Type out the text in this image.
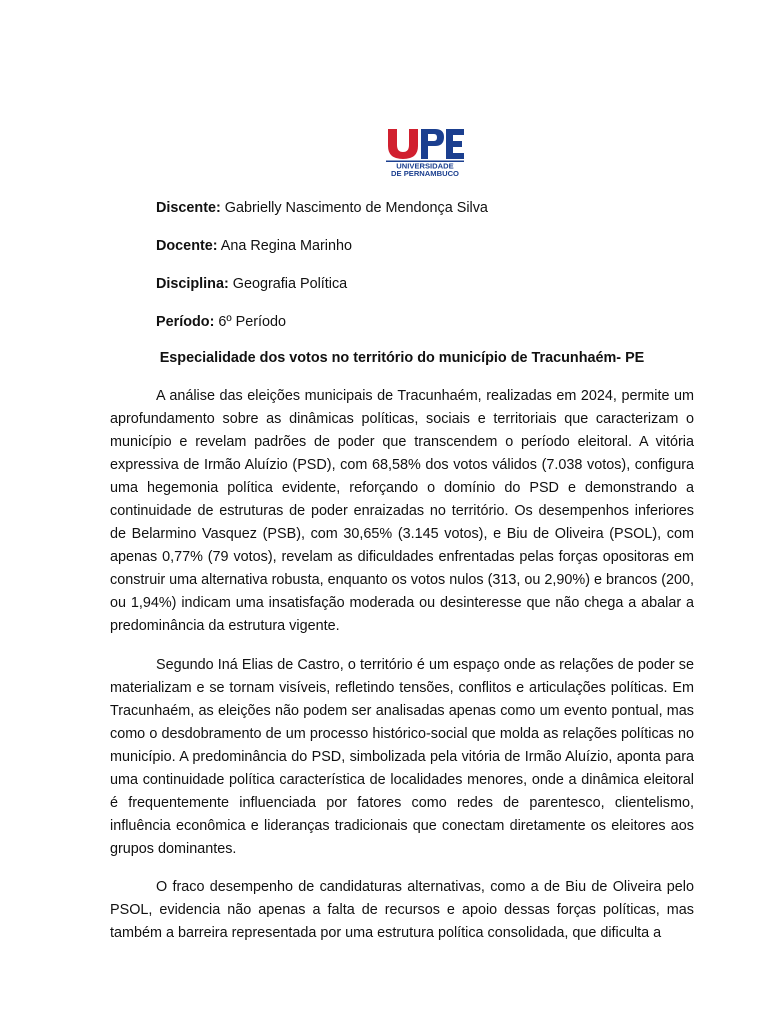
UNIVERSIDADE
DE PERNAMBUCO
Discente: Gabrielly Nascimento de Mendonça Silva
Docente: Ana Regina Marinho
Disciplina: Geografia Política
Período: 6º Período
Especialidade dos votos no território do município de Tracunhaém- PE

A análise das eleições municipais de Tracunhaém, realizadas em 2024, permite um aprofundamento sobre as dinâmicas políticas, sociais e territoriais que caracterizam o município e revelam padrões de poder que transcendem o período eleitoral. A vitória expressiva de Irmão Aluízio (PSD), com 68,58% dos votos válidos (7.038 votos), configura uma hegemonia política evidente, reforçando o domínio do PSD e demonstrando a continuidade de estruturas de poder enraizadas no território. Os desempenhos inferiores de Belarmino Vasquez (PSB), com 30,65% (3.145 votos), e Biu de Oliveira (PSOL), com apenas 0,77% (79 votos), revelam as dificuldades enfrentadas pelas forças opositoras em construir uma alternativa robusta, enquanto os votos nulos (313, ou 2,90%) e brancos (200, ou 1,94%) indicam uma insatisfação moderada ou desinteresse que não chega a abalar a predominância da estrutura vigente.

Segundo Iná Elias de Castro, o território é um espaço onde as relações de poder se materializam e se tornam visíveis, refletindo tensões, conflitos e articulações políticas. Em Tracunhaém, as eleições não podem ser analisadas apenas como um evento pontual, mas como o desdobramento de um processo histórico-social que molda as relações políticas no município. A predominância do PSD, simbolizada pela vitória de Irmão Aluízio, aponta para uma continuidade política característica de localidades menores, onde a dinâmica eleitoral é frequentemente influenciada por fatores como redes de parentesco, clientelismo, influência econômica e lideranças tradicionais que conectam diretamente os eleitores aos grupos dominantes.

O fraco desempenho de candidaturas alternativas, como a de Biu de Oliveira pelo PSOL, evidencia não apenas a falta de recursos e apoio dessas forças políticas, mas também a barreira representada por uma estrutura política consolidada, que dificulta a
